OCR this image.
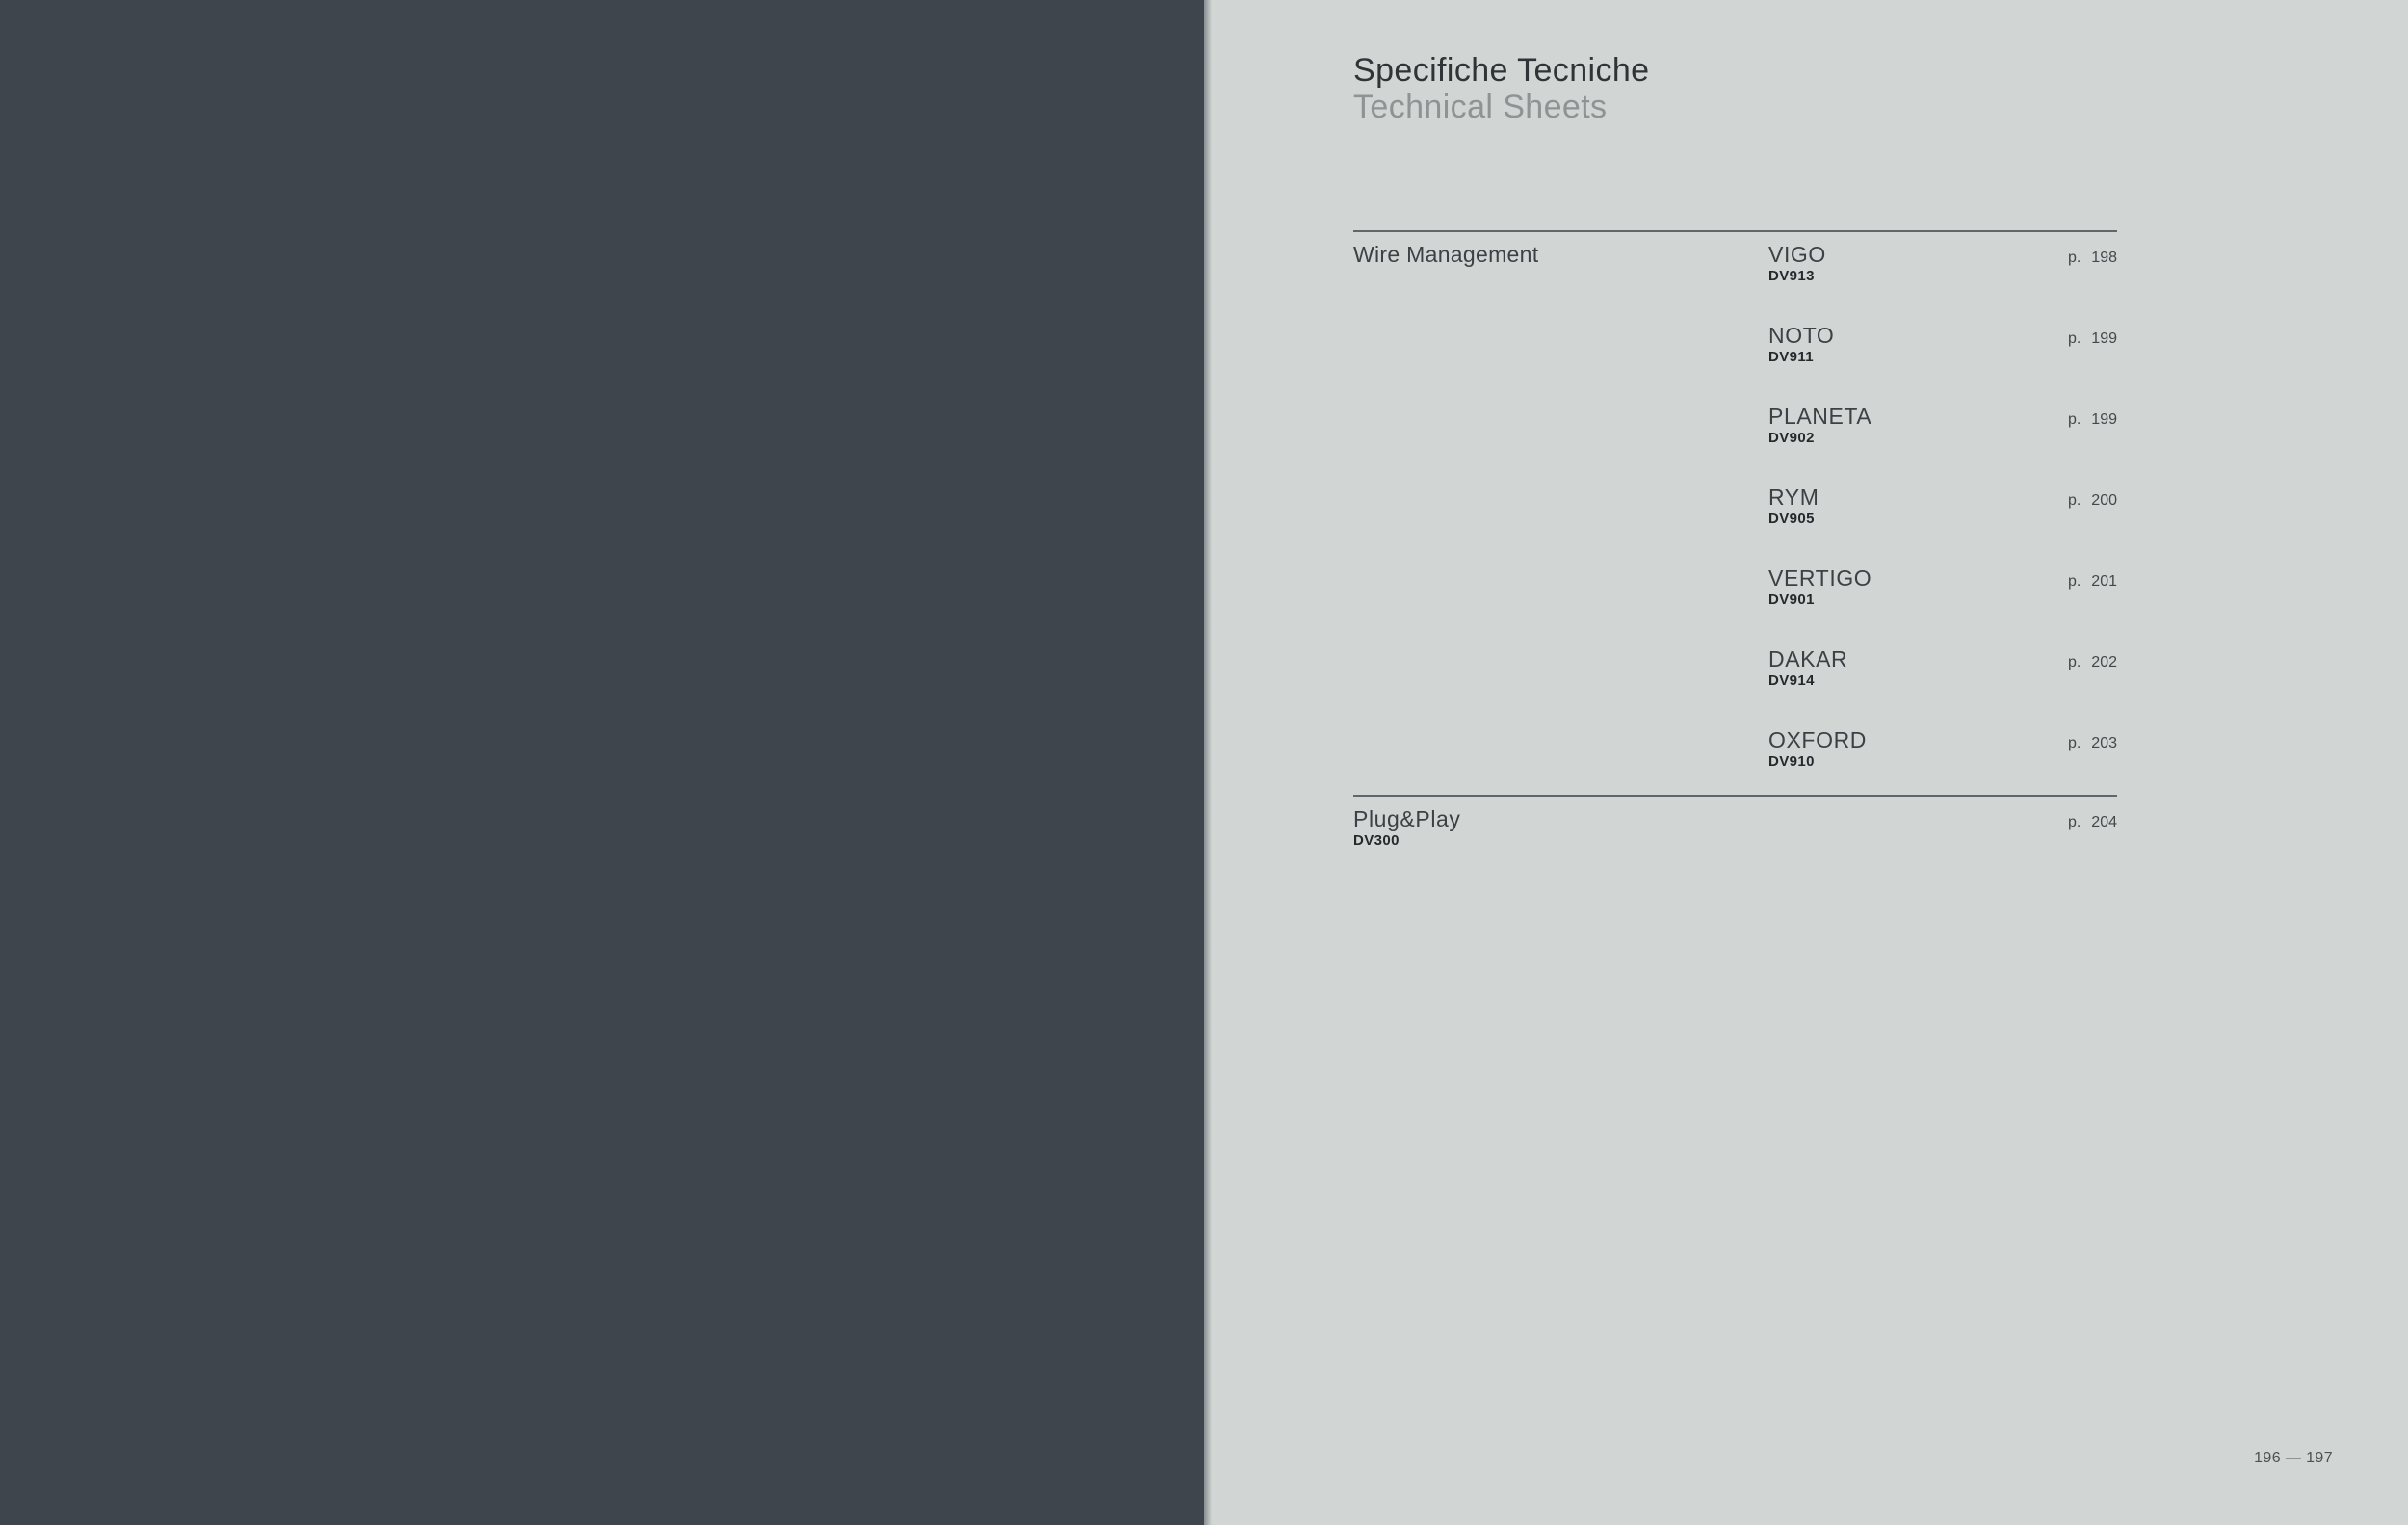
Specifiche Tecniche
Technical Sheets
Wire Management	VIGO
DV913
p. 198
NOTO
DV911
p. 199
PLANETA
DV902
p. 199
RYM
DV905
p. 200
VERTIGO
DV901
p. 201
DAKAR
DV914
p. 202
OXFORD
DV910
p. 203
Plug&Play
DV300
p. 204
196 — 197
